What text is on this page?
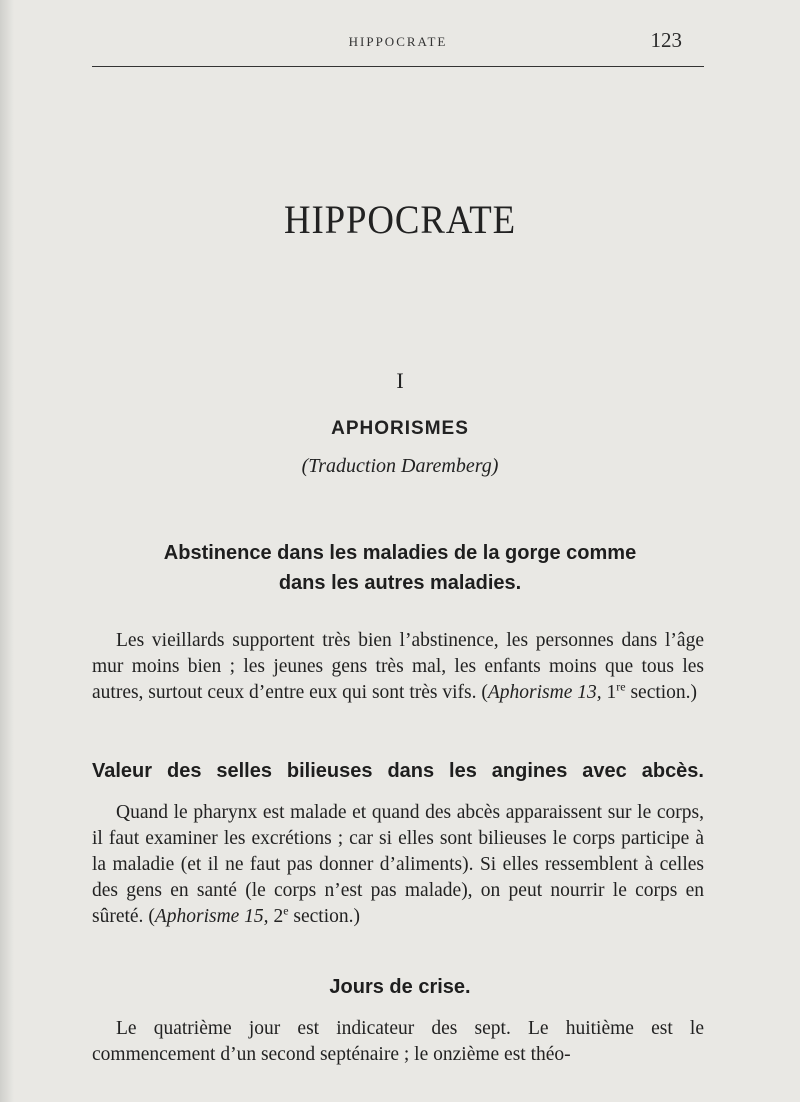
HIPPOCRATE	123
HIPPOCRATE
I
APHORISMES
(Traduction Daremberg)
Abstinence dans les maladies de la gorge comme
dans les autres maladies.

Les vieillards supportent très bien l’abstinence, les personnes dans l’âge mur moins bien ; les jeunes gens très mal, les enfants moins que tous les autres, surtout ceux d’entre eux qui sont très vifs. (Aphorisme 13, 1re section.)

Valeur des selles bilieuses dans les angines avec abcès.

Quand le pharynx est malade et quand des abcès apparaissent sur le corps, il faut examiner les excrétions ; car si elles sont bilieuses le corps participe à la maladie (et il ne faut pas donner d’aliments). Si elles ressemblent à celles des gens en santé (le corps n’est pas malade), on peut nourrir le corps en sûreté. (Aphorisme 15, 2e section.)

Jours de crise.

Le quatrième jour est indicateur des sept. Le huitième est le commencement d’un second septénaire ; le onzième est théo-
